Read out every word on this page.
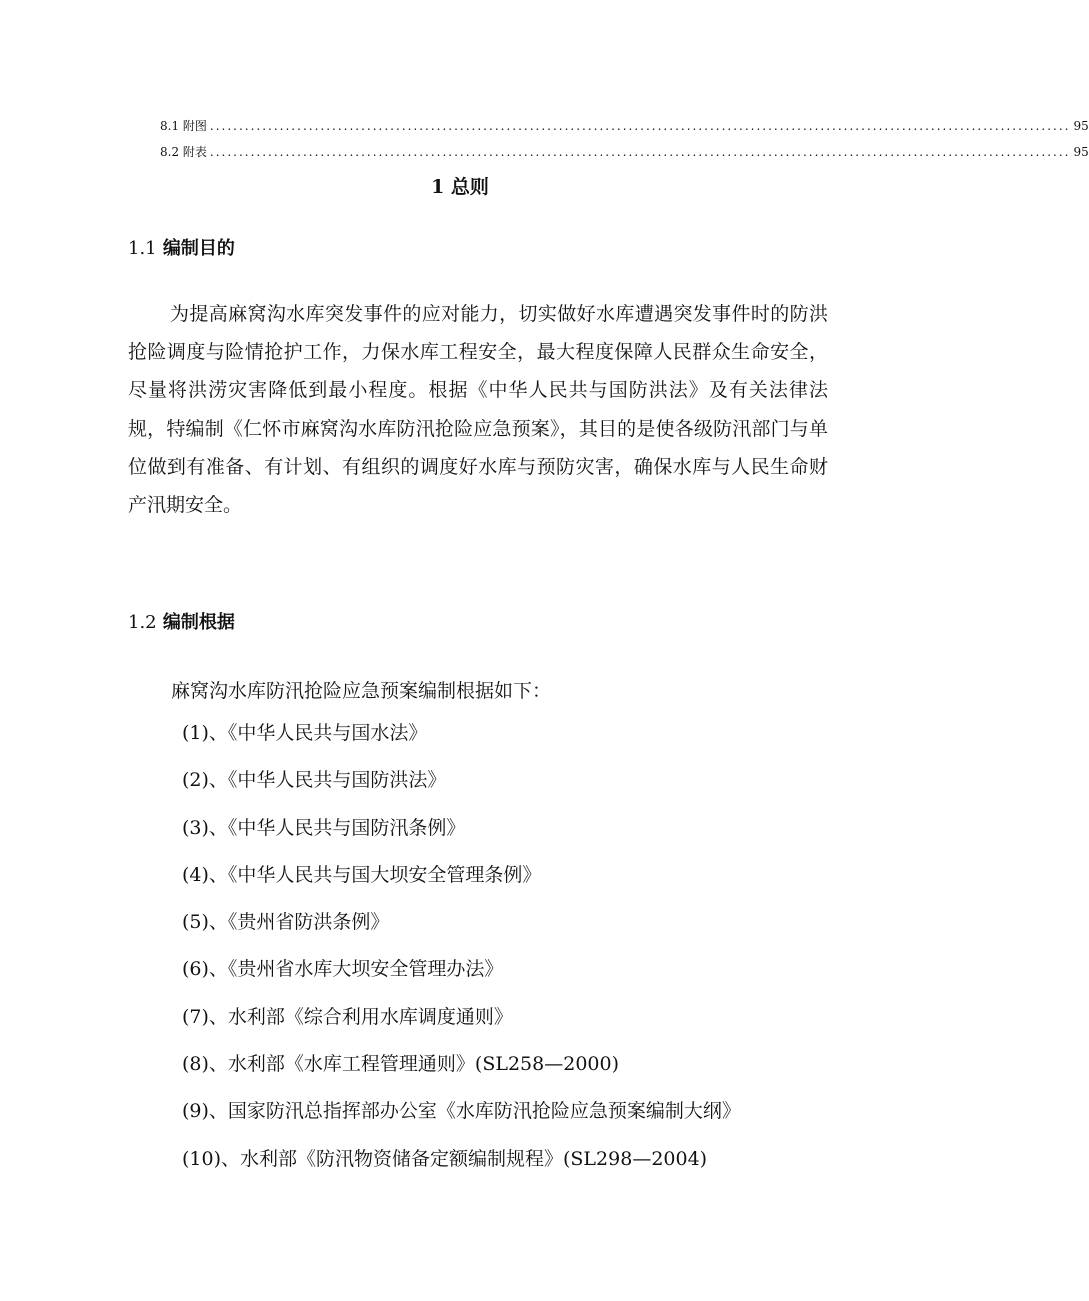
8.1 附图 .................................................................................................................................................... 95
8.2 附表 .................................................................................................................................................... 95
1 总则
1.1 编制目的

为提高麻窝沟水库突发事件的应对能力，切实做好水库遭遇突发事件时的防洪抢险调度与险情抢护工作，力保水库工程安全，最大程度保障人民群众生命安全，尽量将洪涝灾害降低到最小程度。根据《中华人民共与国防洪法》及有关法律法规，特编制《仁怀市麻窝沟水库防汛抢险应急预案》，其目的是使各级防汛部门与单位做到有准备、有计划、有组织的调度好水库与预防灾害，确保水库与人民生命财产汛期安全。

1.2 编制根据
麻窝沟水库防汛抢险应急预案编制根据如下：
(1)、《中华人民共与国水法》
(2)、《中华人民共与国防洪法》
(3)、《中华人民共与国防汛条例》
(4)、《中华人民共与国大坝安全管理条例》
(5)、《贵州省防洪条例》
(6)、《贵州省水库大坝安全管理办法》
(7)、水利部《综合利用水库调度通则》
(8)、水利部《水库工程管理通则》(SL258—2000)
(9)、国家防汛总指挥部办公室《水库防汛抢险应急预案编制大纲》
(10)、水利部《防汛物资储备定额编制规程》(SL298—2004)
